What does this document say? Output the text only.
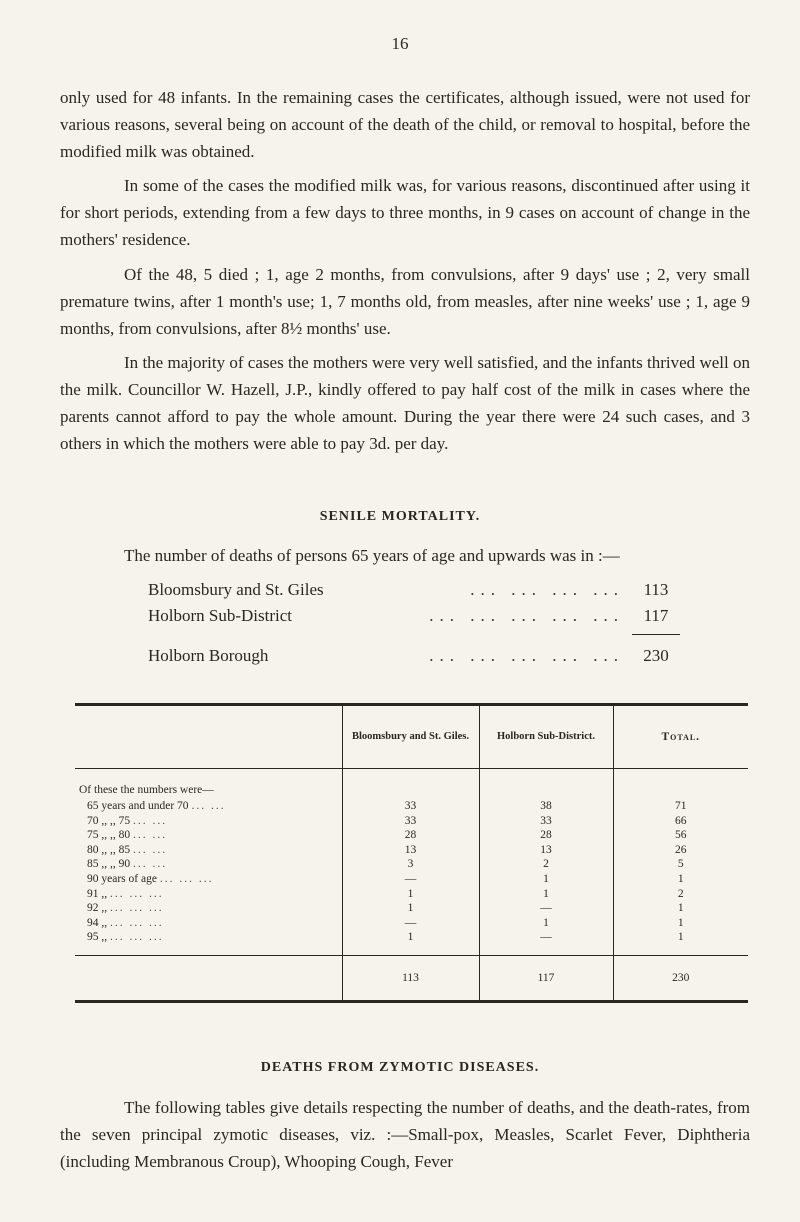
16

only used for 48 infants. In the remaining cases the certificates, although issued, were not used for various reasons, several being on account of the death of the child, or removal to hospital, before the modified milk was obtained.

In some of the cases the modified milk was, for various reasons, discontinued after using it for short periods, extending from a few days to three months, in 9 cases on account of change in the mothers' residence.

Of the 48, 5 died ; 1, age 2 months, from convulsions, after 9 days' use ; 2, very small premature twins, after 1 month's use; 1, 7 months old, from measles, after nine weeks' use ; 1, age 9 months, from convulsions, after 8½ months' use.

In the majority of cases the mothers were very well satisfied, and the infants thrived well on the milk. Councillor W. Hazell, J.P., kindly offered to pay half cost of the milk in cases where the parents cannot afford to pay the whole amount. During the year there were 24 such cases, and 3 others in which the mothers were able to pay 3d. per day.

SENILE MORTALITY.

The number of deaths of persons 65 years of age and upwards was in :—

Bloomsbury and St. Giles	... ... ... ...	113
Holborn Sub-District	... ... ... ... ...	117
Holborn Borough	... ... ... ... ...	230
	Bloomsbury and St. Giles.	Holborn Sub-District.	Total.
Of these the numbers were—			
65 years and under 70 ... ...	33	38	71
70 ,, ,, 75 ... ...	33	33	66
75 ,, ,, 80 ... ...	28	28	56
80 ,, ,, 85 ... ...	13	13	26
85 ,, ,, 90 ... ...	3	2	5
90 years of age ... ... ...	—	1	1
91 ,, ... ... ...	1	1	2
92 ,, ... ... ...	1	—	1
94 ,, ... ... ...	—	1	1
95 ,, ... ... ...	1	—	1
	113	117	230
DEATHS FROM ZYMOTIC DISEASES.

The following tables give details respecting the number of deaths, and the death-rates, from the seven principal zymotic diseases, viz. :—Small-pox, Measles, Scarlet Fever, Diphtheria (including Membranous Croup), Whooping Cough, Fever
